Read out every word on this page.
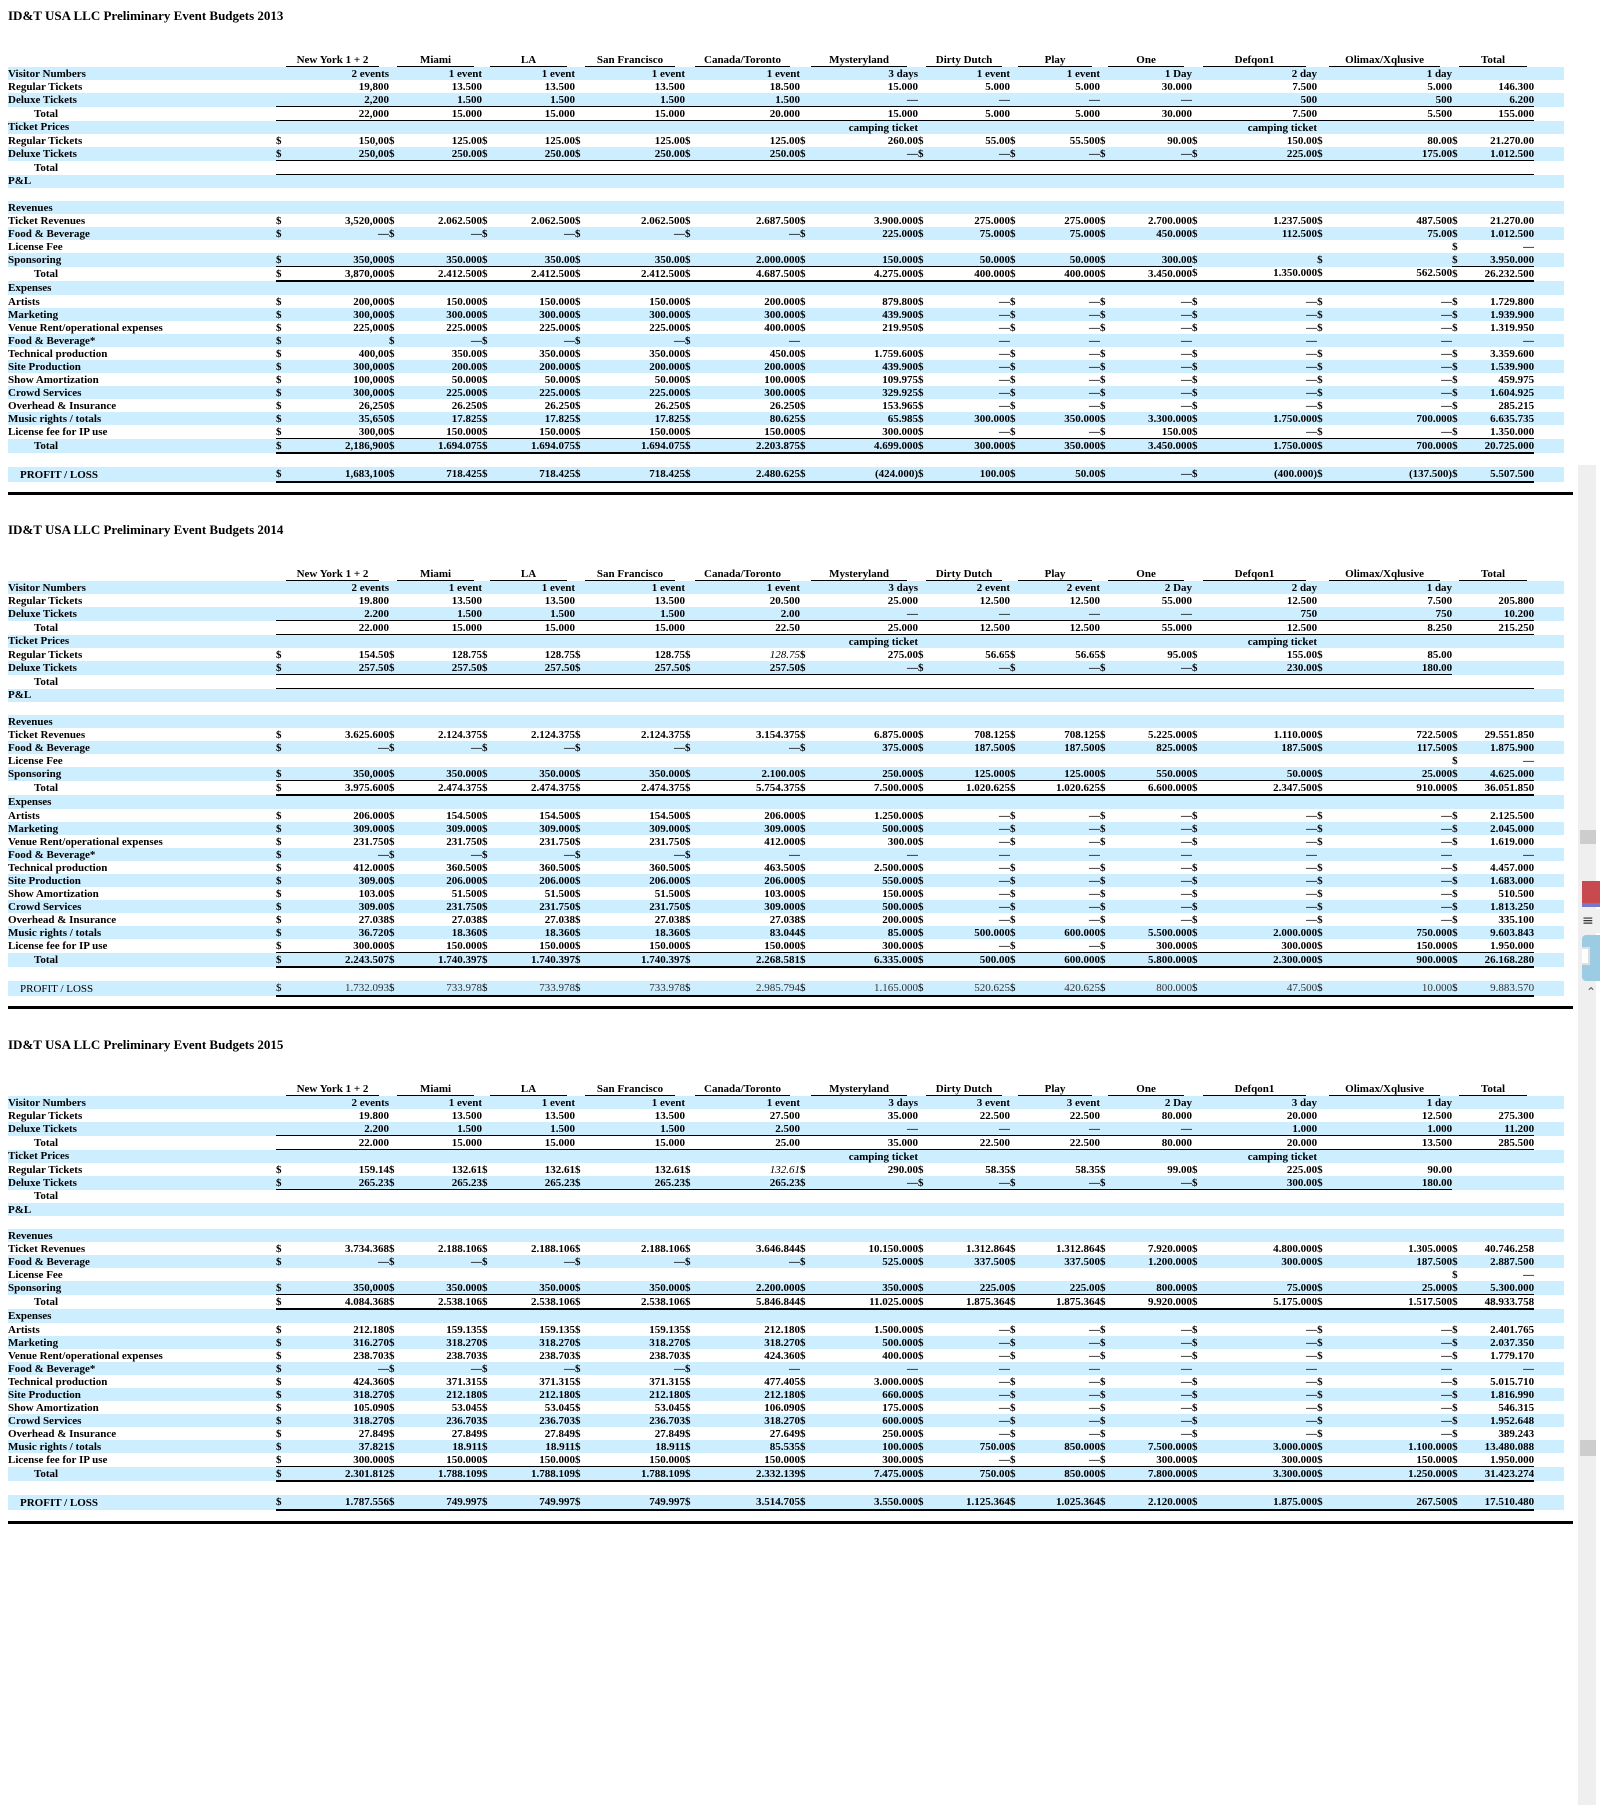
ID&T USA LLC Preliminary Event Budgets 2013
	New York 1 + 2		Miami		LA		San Francisco		Canada/Toronto		Mysteryland		Dirty Dutch		Play		One		Defqon1		Olimax/Xqlusive		Total		
Visitor Numbers		2 events		1 event		1 event		1 event		1 event		3 days		1 event		1 event		1 Day		2 day		1 day			
Regular Tickets		19,800		13.500		13.500		13.500		18.500		15.000		5.000		5.000		30.000		7.500		5.000		146.300	
Deluxe Tickets		2,200		1.500		1.500		1.500		1.500		—		—		—		—		500		500		6.200	
Total		22,000		15.000		15.000		15.000		20.000		15.000		5.000		5.000		30.000		7.500		5.500		155.000	
Ticket Prices												camping ticket								camping ticket					
Regular Tickets	$	150,00	$	125.00	$	125.00	$	125.00	$	125.00	$	260.00	$	55.00	$	55.500	$	90.00	$	150.00	$	80.00	$	21.270.00	
Deluxe Tickets	$	250,00	$	250.00	$	250.00	$	250.00	$	250.00	$	—	$	—	$	—	$	—	$	225.00	$	175.00	$	1.012.500	
Total																									
P&L																									

Revenues																									
Ticket Revenues	$	3,520,000	$	2.062.500	$	2.062.500	$	2.062.500	$	2.687.500	$	3.900.000	$	275.000	$	275.000	$	2.700.000	$	1.237.500	$	487.500	$	21.270.00	
Food & Beverage	$	—	$	—	$	—	$	—	$	—	$	225.000	$	75.000	$	75.000	$	450.000	$	112.500	$	75.00	$	1.012.500	
License Fee																							$	—	
Sponsoring	$	350,000	$	350.000	$	350.00	$	350.00	$	2.000.000	$	150.000	$	50.000	$	50.000	$	300.00	$		$		$	3.950.000	
Total	$	3,870,000	$	2.412.500	$	2.412.500	$	2.412.500	$	4.687.500	$	4.275.000	$	400.000	$	400.000	$	3.450.000	$	1.350.000	$	562.500	$	26.232.500	
Expenses																									
Artists	$	200,000	$	150.000	$	150.000	$	150.000	$	200.000	$	879.800	$	—	$	—	$	—	$	—	$	—	$	1.729.800	
Marketing	$	300,000	$	300.000	$	300.000	$	300.000	$	300.000	$	439.900	$	—	$	—	$	—	$	—	$	—	$	1.939.900	
Venue Rent/operational expenses	$	225,000	$	225.000	$	225.000	$	225.000	$	400.000	$	219.950	$	—	$	—	$	—	$	—	$	—	$	1.319.950	
Food & Beverage*	$		$	—	$	—	$	—	$	—				—		—		—		—		—		—	
Technical production	$	400,00	$	350.00	$	350.000	$	350.000	$	450.00	$	1.759.600	$	—	$	—	$	—	$	—	$	—	$	3.359.600	
Site Production	$	300,000	$	200.00	$	200.000	$	200.000	$	200.000	$	439.900	$	—	$	—	$	—	$	—	$	—	$	1.539.900	
Show Amortization	$	100,000	$	50.000	$	50.000	$	50.000	$	100.000	$	109.975	$	—	$	—	$	—	$	—	$	—	$	459.975	
Crowd Services	$	300,000	$	225.000	$	225.000	$	225.000	$	300.000	$	329.925	$	—	$	—	$	—	$	—	$	—	$	1.604.925	
Overhead & Insurance	$	26,250	$	26.250	$	26.250	$	26.250	$	26.250	$	153.965	$	—	$	—	$	—	$	—	$	—	$	285.215	
Music rights / totals	$	35,650	$	17.825	$	17.825	$	17.825	$	80.625	$	65.985	$	300.000	$	350.000	$	3.300.000	$	1.750.000	$	700.000	$	6.635.735	
License fee for IP use	$	300,00	$	150.000	$	150.000	$	150.000	$	150.000	$	300.000	$	—	$	—	$	150.00	$	—	$	—	$	1.350.000	
Total	$	2,186,900	$	1.694.075	$	1.694.075	$	1.694.075	$	2.203.875	$	4.699.000	$	300.000	$	350.000	$	3.450.000	$	1.750.000	$	700.000	$	20.725.000	

PROFIT / LOSS	$	1,683,100	$	718.425	$	718.425	$	718.425	$	2.480.625	$	(424.000)	$	100.00	$	50.00	$	—	$	(400.000)	$	(137.500)	$	5.507.500	
ID&T USA LLC Preliminary Event Budgets 2014
	New York 1 + 2		Miami		LA		San Francisco		Canada/Toronto		Mysteryland		Dirty Dutch		Play		One		Defqon1		Olimax/Xqlusive		Total		
Visitor Numbers		2 events		1 event		1 event		1 event		1 event		3 days		2 event		2 event		2 Day		2 day		1 day			
Regular Tickets		19.800		13.500		13.500		13.500		20.500		25.000		12.500		12.500		55.000		12.500		7.500		205.800	
Deluxe Tickets		2.200		1.500		1.500		1.500		2.00		—		—		—		—		750		750		10.200	
Total		22.000		15.000		15.000		15.000		22.50		25.000		12.500		12.500		55.000		12.500		8.250		215.250	
Ticket Prices												camping ticket								camping ticket					
Regular Tickets	$	154.50	$	128.75	$	128.75	$	128.75	$	128.75	$	275.00	$	56.65	$	56.65	$	95.00	$	155.00	$	85.00			
Deluxe Tickets	$	257.50	$	257.50	$	257.50	$	257.50	$	257.50	$	—	$	—	$	—	$	—	$	230.00	$	180.00			
Total																									
P&L																									

Revenues																									
Ticket Revenues	$	3.625.600	$	2.124.375	$	2.124.375	$	2.124.375	$	3.154.375	$	6.875.000	$	708.125	$	708.125	$	5.225.000	$	1.110.000	$	722.500	$	29.551.850	
Food & Beverage	$	—	$	—	$	—	$	—	$	—	$	375.000	$	187.500	$	187.500	$	825.000	$	187.500	$	117.500	$	1.875.900	
License Fee																							$	—	
Sponsoring	$	350,000	$	350.000	$	350.000	$	350.000	$	2.100.00	$	250.000	$	125.000	$	125.000	$	550.000	$	50.000	$	25.000	$	4.625.000	
Total	$	3.975.600	$	2.474.375	$	2.474.375	$	2.474.375	$	5.754.375	$	7.500.000	$	1.020.625	$	1.020.625	$	6.600.000	$	2.347.500	$	910.000	$	36.051.850	
Expenses																									
Artists	$	206.000	$	154.500	$	154.500	$	154.500	$	206.000	$	1.250.000	$	—	$	—	$	—	$	—	$	—	$	2.125.500	
Marketing	$	309.000	$	309.000	$	309.000	$	309.000	$	309.000	$	500.000	$	—	$	—	$	—	$	—	$	—	$	2.045.000	
Venue Rent/operational expenses	$	231.750	$	231.750	$	231.750	$	231.750	$	412.000	$	300.00	$	—	$	—	$	—	$	—	$	—	$	1.619.000	
Food & Beverage*	$	—	$	—	$	—	$	—	$	—		—		—		—		—		—		—		—	
Technical production	$	412.000	$	360.500	$	360.500	$	360.500	$	463.500	$	2.500.000	$	—	$	—	$	—	$	—	$	—	$	4.457.000	
Site Production	$	309.00	$	206.000	$	206.000	$	206.000	$	206.000	$	550.000	$	—	$	—	$	—	$	—	$	—	$	1.683.000	
Show Amortization	$	103.00	$	51.500	$	51.500	$	51.500	$	103.000	$	150.000	$	—	$	—	$	—	$	—	$	—	$	510.500	
Crowd Services	$	309.00	$	231.750	$	231.750	$	231.750	$	309.000	$	500.000	$	—	$	—	$	—	$	—	$	—	$	1.813.250	
Overhead & Insurance	$	27.038	$	27.038	$	27.038	$	27.038	$	27.038	$	200.000	$	—	$	—	$	—	$	—	$	—	$	335.100	
Music rights / totals	$	36.720	$	18.360	$	18.360	$	18.360	$	83.044	$	85.000	$	500.000	$	600.000	$	5.500.000	$	2.000.000	$	750.000	$	9.603.843	
License fee for IP use	$	300.000	$	150.000	$	150.000	$	150.000	$	150.000	$	300.000	$	—	$	—	$	300.000	$	300.000	$	150.000	$	1.950.000	
Total	$	2.243.507	$	1.740.397	$	1.740.397	$	1.740.397	$	2.268.581	$	6.335.000	$	500.00	$	600.000	$	5.800.000	$	2.300.000	$	900.000	$	26.168.280	

PROFIT / LOSS	$	1.732.093	$	733.978	$	733.978	$	733.978	$	2.985.794	$	1.165.000	$	520.625	$	420.625	$	800.000	$	47.500	$	10.000	$	9.883.570	
ID&T USA LLC Preliminary Event Budgets 2015
	New York 1 + 2		Miami		LA		San Francisco		Canada/Toronto		Mysteryland		Dirty Dutch		Play		One		Defqon1		Olimax/Xqlusive		Total		
Visitor Numbers		2 events		1 event		1 event		1 event		1 event		3 days		3 event		3 event		2 Day		3 day		1 day			
Regular Tickets		19.800		13.500		13.500		13.500		27.500		35.000		22.500		22.500		80.000		20.000		12.500		275.300	
Deluxe Tickets		2.200		1.500		1.500		1.500		2.500		—		—		—		—		1.000		1.000		11.200	
Total		22.000		15.000		15.000		15.000		25.00		35.000		22.500		22.500		80.000		20.000		13.500		285.500	
Ticket Prices												camping ticket								camping ticket					
Regular Tickets	$	159.14	$	132.61	$	132.61	$	132.61	$	132.61	$	290.00	$	58.35	$	58.35	$	99.00	$	225.00	$	90.00			
Deluxe Tickets	$	265.23	$	265.23	$	265.23	$	265.23	$	265.23	$	—	$	—	$	—	$	—	$	300.00	$	180.00			
Total																									
P&L																									

Revenues																									
Ticket Revenues	$	3.734.368	$	2.188.106	$	2.188.106	$	2.188.106	$	3.646.844	$	10.150.000	$	1.312.864	$	1.312.864	$	7.920.000	$	4.800.000	$	1.305.000	$	40.746.258	
Food & Beverage	$	—	$	—	$	—	$	—	$	—	$	525.000	$	337.500	$	337.500	$	1.200.000	$	300.000	$	187.500	$	2.887.500	
License Fee																							$	—	
Sponsoring	$	350,000	$	350.000	$	350.000	$	350.000	$	2.200.000	$	350.000	$	225.00	$	225.00	$	800.000	$	75.000	$	25.000	$	5.300.000	
Total	$	4.084.368	$	2.538.106	$	2.538.106	$	2.538.106	$	5.846.844	$	11.025.000	$	1.875.364	$	1.875.364	$	9.920.000	$	5.175.000	$	1.517.500	$	48.933.758	
Expenses																									
Artists	$	212.180	$	159.135	$	159.135	$	159.135	$	212.180	$	1.500.000	$	—	$	—	$	—	$	—	$	—	$	2.401.765	
Marketing	$	316.270	$	318.270	$	318.270	$	318.270	$	318.270	$	500.000	$	—	$	—	$	—	$	—	$	—	$	2.037.350	
Venue Rent/operational expenses	$	238.703	$	238.703	$	238.703	$	238.703	$	424.360	$	400.000	$	—	$	—	$	—	$	—	$	—	$	1.779.170	
Food & Beverage*	$	—	$	—	$	—	$	—	$	—		—		—		—		—		—		—		—	
Technical production	$	424.360	$	371.315	$	371.315	$	371.315	$	477.405	$	3.000.000	$	—	$	—	$	—	$	—	$	—	$	5.015.710	
Site Production	$	318.270	$	212.180	$	212.180	$	212.180	$	212.180	$	660.000	$	—	$	—	$	—	$	—	$	—	$	1.816.990	
Show Amortization	$	105.090	$	53.045	$	53.045	$	53.045	$	106.090	$	175.000	$	—	$	—	$	—	$	—	$	—	$	546.315	
Crowd Services	$	318.270	$	236.703	$	236.703	$	236.703	$	318.270	$	600.000	$	—	$	—	$	—	$	—	$	—	$	1.952.648	
Overhead & Insurance	$	27.849	$	27.849	$	27.849	$	27.849	$	27.649	$	250.000	$	—	$	—	$	—	$	—	$	—	$	389.243	
Music rights / totals	$	37.821	$	18.911	$	18.911	$	18.911	$	85.535	$	100.000	$	750.00	$	850.000	$	7.500.000	$	3.000.000	$	1.100.000	$	13.480.088	
License fee for IP use	$	300.000	$	150.000	$	150.000	$	150.000	$	150.000	$	300.000	$	—	$	—	$	300.000	$	300.000	$	150.000	$	1.950.000	
Total	$	2.301.812	$	1.788.109	$	1.788.109	$	1.788.109	$	2.332.139	$	7.475.000	$	750.00	$	850.000	$	7.800.000	$	3.300.000	$	1.250.000	$	31.423.274	

PROFIT / LOSS	$	1.787.556	$	749.997	$	749.997	$	749.997	$	3.514.705	$	3.550.000	$	1.125.364	$	1.025.364	$	2.120.000	$	1.875.000	$	267.500	$	17.510.480	
≡
⌃
